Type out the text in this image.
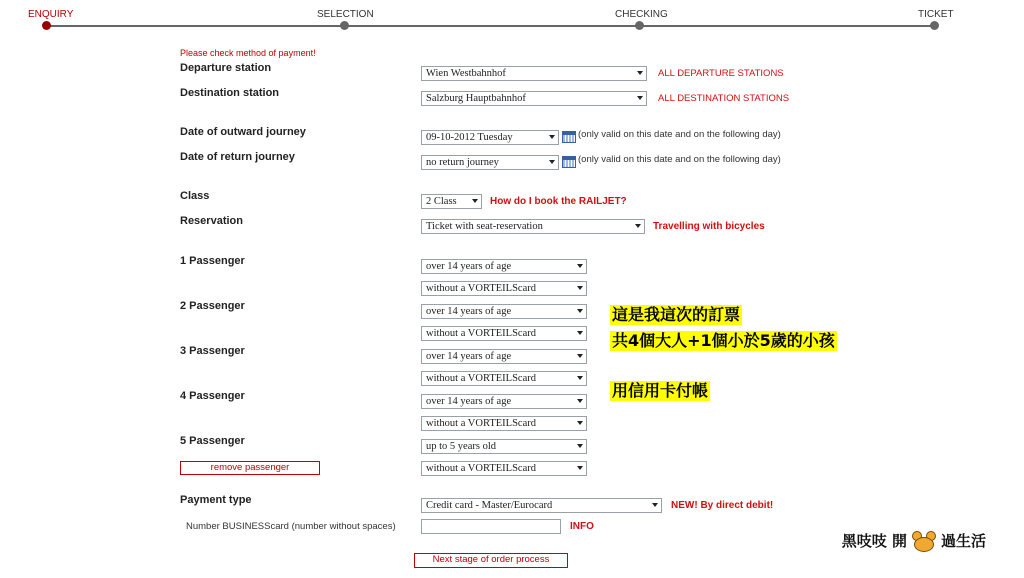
ENQUIRY	SELECTION	CHECKING	TICKET
Please check method of payment!
Departure station	Wien Westbahnhof	ALL DEPARTURE STATIONS
Destination station	Salzburg Hauptbahnhof	ALL DESTINATION STATIONS
Date of outward journey	09-10-2012 Tuesday	(only valid on this date and on the following day)
Date of return journey	no return journey	(only valid on this date and on the following day)
Class	2 Class	How do I book the RAILJET?
Reservation	Ticket with seat-reservation	Travelling with bicycles
1 Passenger	over 14 years of age
without a VORTEILScard
2 Passenger	over 14 years of age
without a VORTEILScard
3 Passenger	over 14 years of age
without a VORTEILScard
4 Passenger	over 14 years of age
without a VORTEILScard
5 Passenger	up to 5 years old
without a VORTEILScard
remove passenger
Payment type	Credit card - Master/Eurocard	NEW! By direct debit!
Number BUSINESScard (number without spaces)	INFO
Next stage of order process
這是我這次的訂票
共4個大人+1個小於5歲的小孩
用信用卡付帳
黑吱吱 開 過生活
